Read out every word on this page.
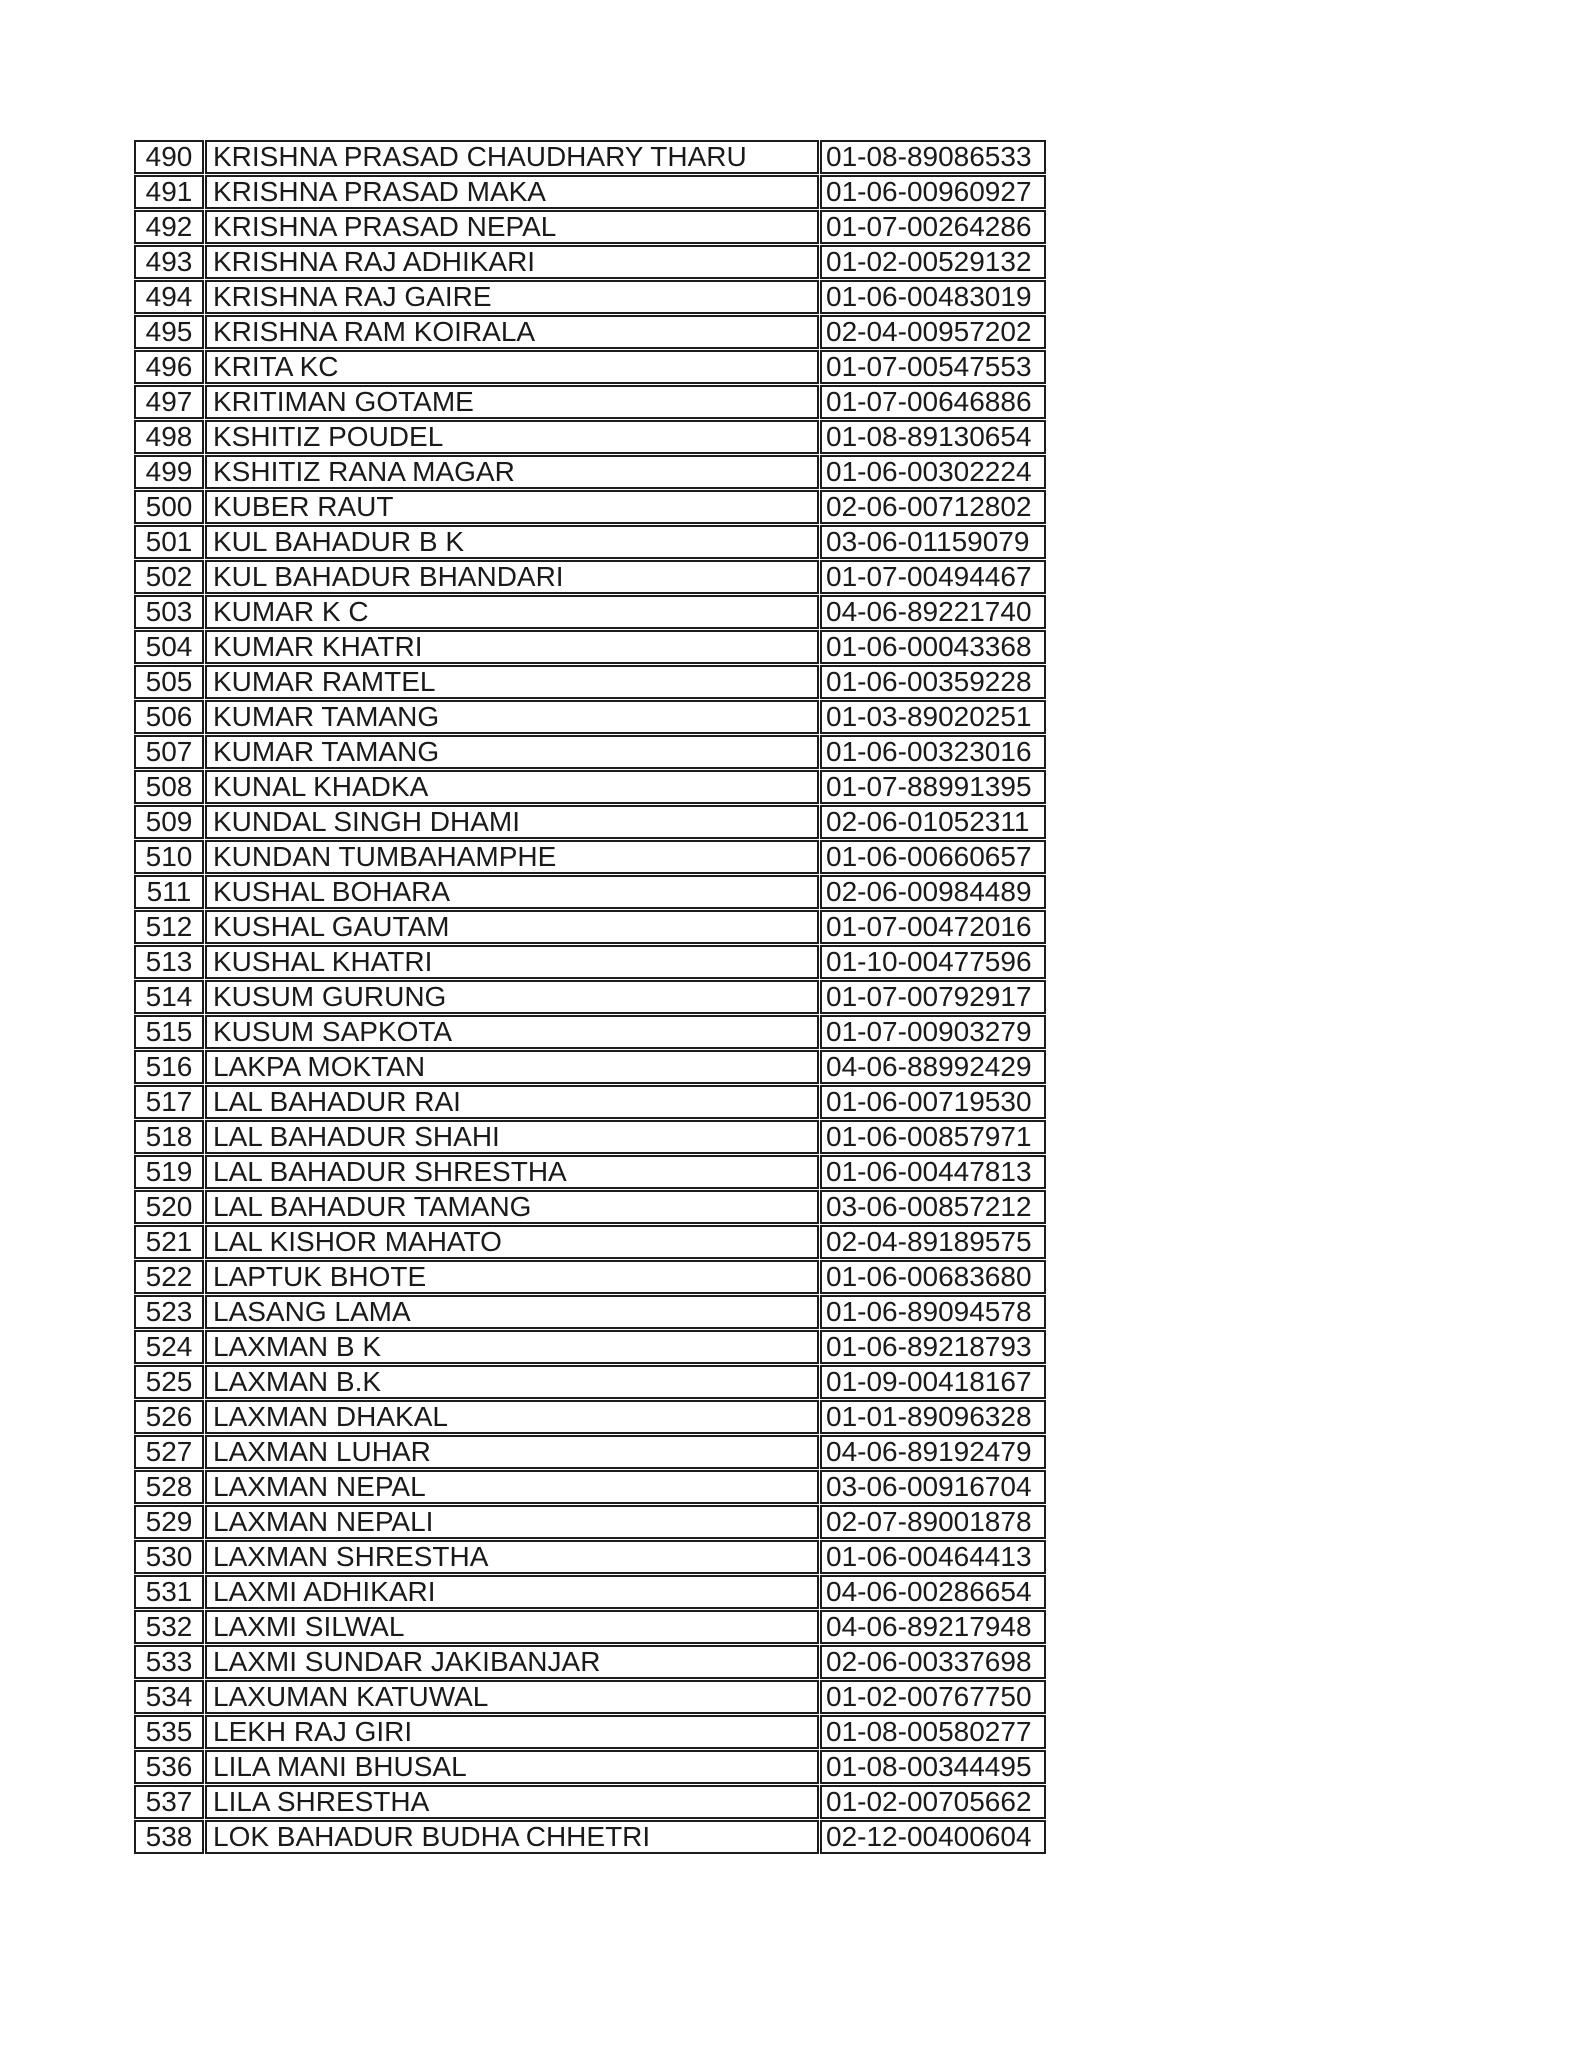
490	KRISHNA PRASAD CHAUDHARY THARU	01-08-89086533
491	KRISHNA PRASAD MAKA	01-06-00960927
492	KRISHNA PRASAD NEPAL	01-07-00264286
493	KRISHNA RAJ ADHIKARI	01-02-00529132
494	KRISHNA RAJ GAIRE	01-06-00483019
495	KRISHNA RAM KOIRALA	02-04-00957202
496	KRITA KC	01-07-00547553
497	KRITIMAN GOTAME	01-07-00646886
498	KSHITIZ POUDEL	01-08-89130654
499	KSHITIZ RANA MAGAR	01-06-00302224
500	KUBER RAUT	02-06-00712802
501	KUL BAHADUR B K	03-06-01159079
502	KUL BAHADUR BHANDARI	01-07-00494467
503	KUMAR K C	04-06-89221740
504	KUMAR KHATRI	01-06-00043368
505	KUMAR RAMTEL	01-06-00359228
506	KUMAR TAMANG	01-03-89020251
507	KUMAR TAMANG	01-06-00323016
508	KUNAL KHADKA	01-07-88991395
509	KUNDAL SINGH DHAMI	02-06-01052311
510	KUNDAN TUMBAHAMPHE	01-06-00660657
511	KUSHAL BOHARA	02-06-00984489
512	KUSHAL GAUTAM	01-07-00472016
513	KUSHAL KHATRI	01-10-00477596
514	KUSUM GURUNG	01-07-00792917
515	KUSUM SAPKOTA	01-07-00903279
516	LAKPA MOKTAN	04-06-88992429
517	LAL BAHADUR RAI	01-06-00719530
518	LAL BAHADUR SHAHI	01-06-00857971
519	LAL BAHADUR SHRESTHA	01-06-00447813
520	LAL BAHADUR TAMANG	03-06-00857212
521	LAL KISHOR MAHATO	02-04-89189575
522	LAPTUK BHOTE	01-06-00683680
523	LASANG LAMA	01-06-89094578
524	LAXMAN B K	01-06-89218793
525	LAXMAN B.K	01-09-00418167
526	LAXMAN DHAKAL	01-01-89096328
527	LAXMAN LUHAR	04-06-89192479
528	LAXMAN NEPAL	03-06-00916704
529	LAXMAN NEPALI	02-07-89001878
530	LAXMAN SHRESTHA	01-06-00464413
531	LAXMI ADHIKARI	04-06-00286654
532	LAXMI SILWAL	04-06-89217948
533	LAXMI SUNDAR JAKIBANJAR	02-06-00337698
534	LAXUMAN KATUWAL	01-02-00767750
535	LEKH RAJ GIRI	01-08-00580277
536	LILA MANI BHUSAL	01-08-00344495
537	LILA SHRESTHA	01-02-00705662
538	LOK BAHADUR BUDHA CHHETRI	02-12-00400604
